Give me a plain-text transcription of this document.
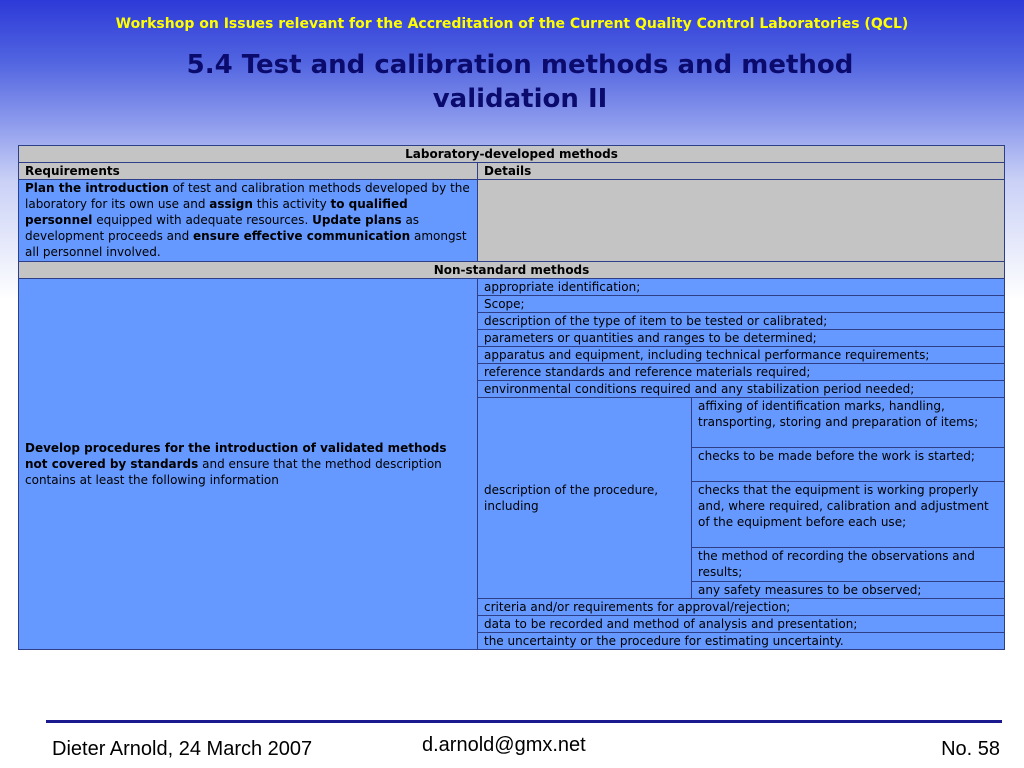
Workshop on Issues relevant for the Accreditation of the Current Quality Control Laboratories (QCL)
5.4 Test and calibration methods and method
validation II
Laboratory-developed methods		
Requirements	Details	
Plan the introduction of test and calibration methods developed by the laboratory for its own use and assign this activity to qualified personnel equipped with adequate resources. Update plans as development proceeds and ensure effective communication amongst all personnel involved.		
Non-standard methods		
Develop procedures for the introduction of validated methods not covered by standards and ensure that the method description contains at least the following information	appropriate identification;	
	Scope;	
	description of the type of item to be tested or calibrated;	
	parameters or quantities and ranges to be determined;	
	apparatus and equipment, including technical performance requirements;	
	reference standards and reference materials required;	
	environmental conditions required and any stabilization period needed;	
	description of the procedure, including	affixing of identification marks, handling, transporting, storing and preparation of items;

		checks to be made before the work is started;

		checks that the equipment is working properly and, where required, calibration and adjustment of the equipment before each use;

		the method of recording the observations and results;

		any safety measures to be observed;
	criteria and/or requirements for approval/rejection;	
	data to be recorded and method of analysis and presentation;	
	the uncertainty or the procedure for estimating uncertainty.	
Dieter Arnold, 24 March 2007	d.arnold@gmx.net	No. 58
